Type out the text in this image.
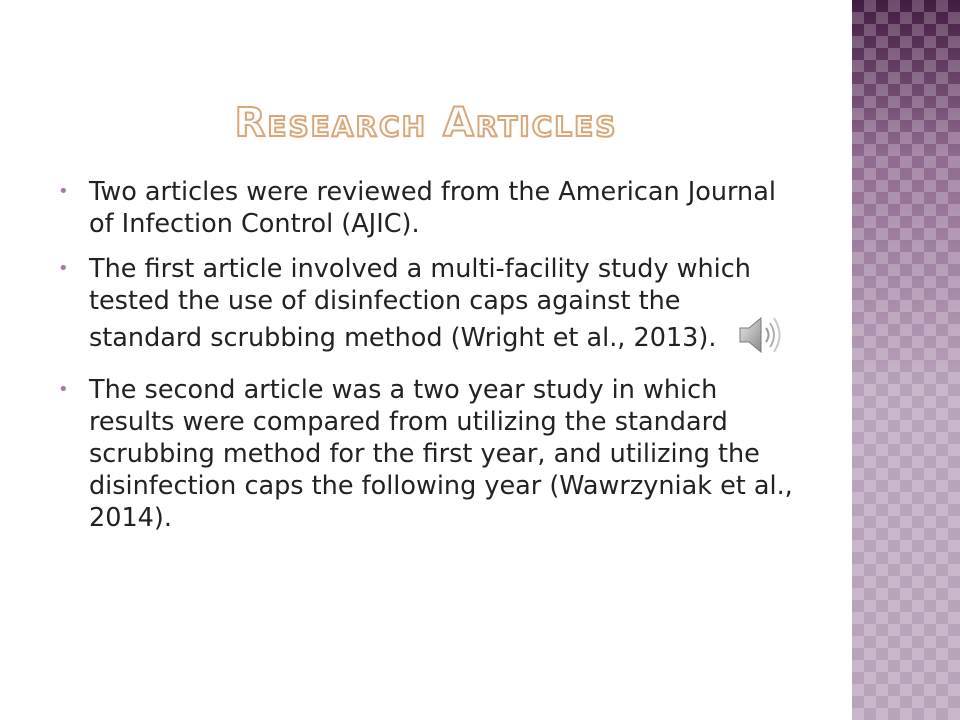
Research Articles
• Two articles were reviewed from the American Journal of Infection Control (AJIC).
• The first article involved a multi-facility study which tested the use of disinfection caps against the standard scrubbing method (Wright et al., 2013).
• The second article was a two year study in which results were compared from utilizing the standard scrubbing method for the first year, and utilizing the disinfection caps the following year (Wawrzyniak et al., 2014).
